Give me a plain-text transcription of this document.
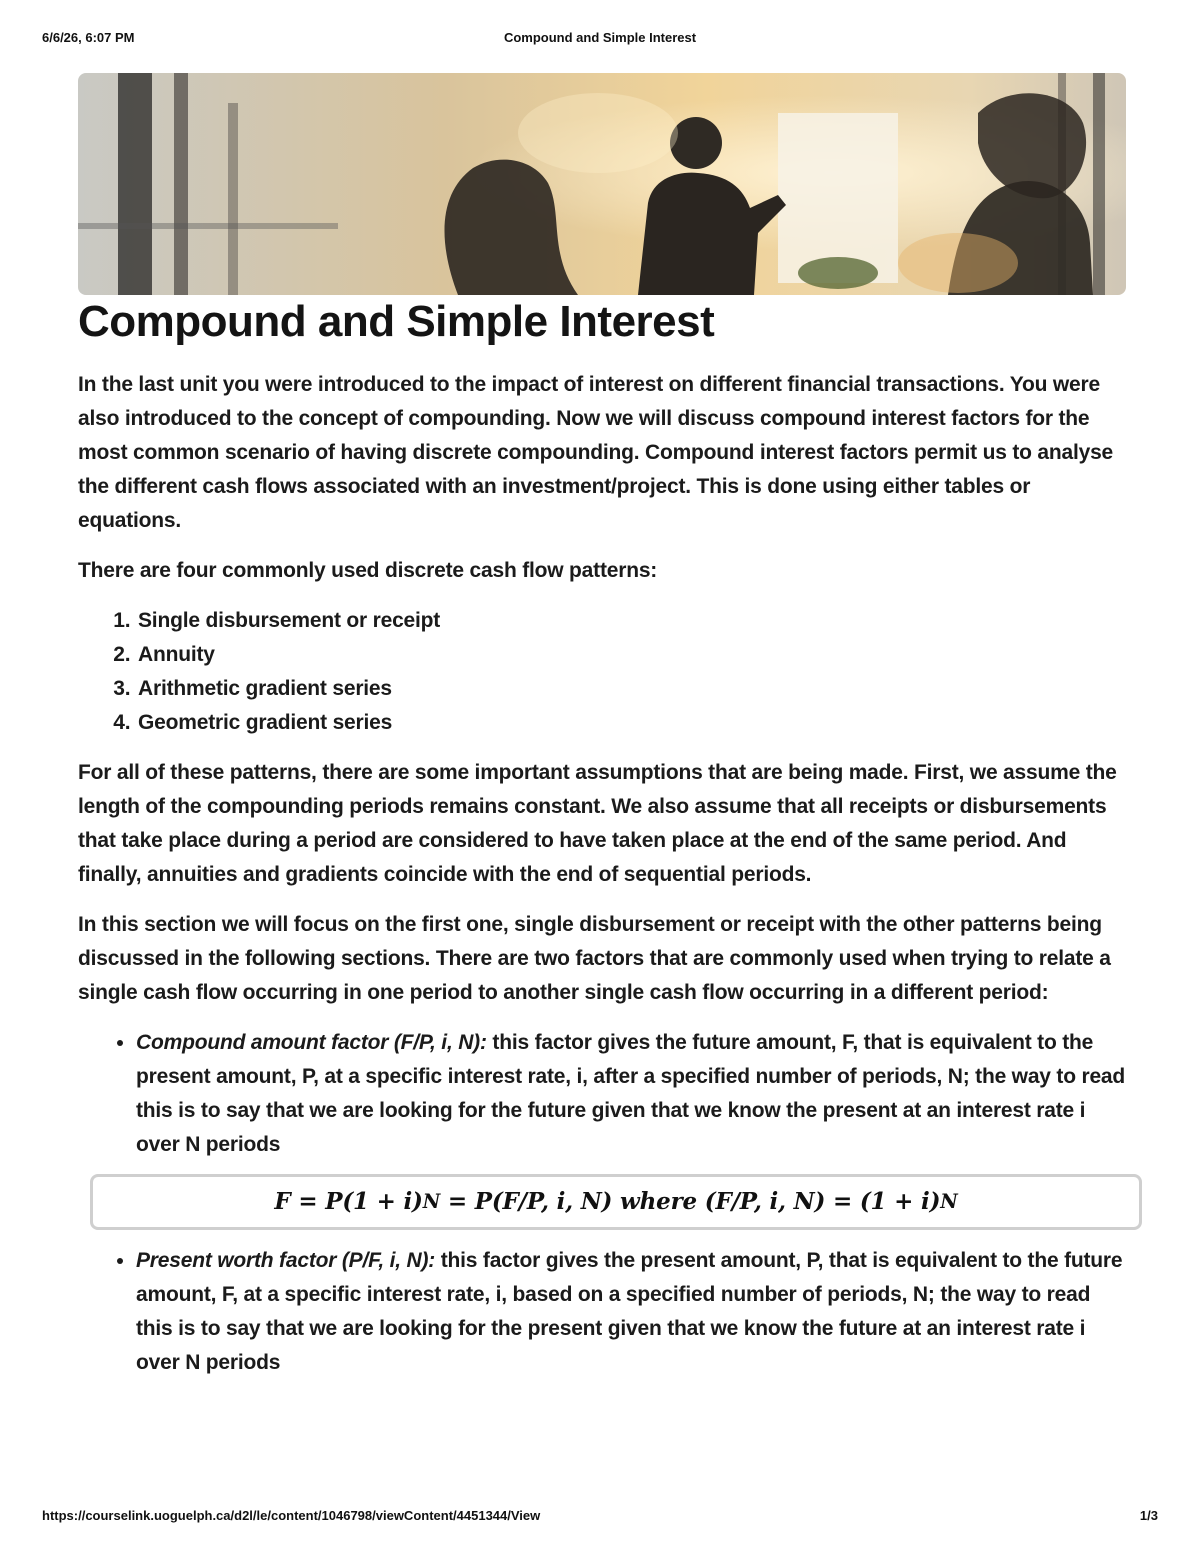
6/6/26, 6:07 PM	Compound and Simple Interest
Compound and Simple Interest

In the last unit you were introduced to the impact of interest on different financial transactions. You were also introduced to the concept of compounding. Now we will discuss compound interest factors for the most common scenario of having discrete compounding. Compound interest factors permit us to analyse the different cash flows associated with an investment/project. This is done using either tables or equations.

There are four commonly used discrete cash flow patterns:

1. Single disbursement or receipt
2. Annuity
3. Arithmetic gradient series
4. Geometric gradient series

For all of these patterns, there are some important assumptions that are being made. First, we assume the length of the compounding periods remains constant. We also assume that all receipts or disbursements that take place during a period are considered to have taken place at the end of the same period. And finally, annuities and gradients coincide with the end of sequential periods.

In this section we will focus on the first one, single disbursement or receipt with the other patterns being discussed in the following sections. There are two factors that are commonly used when trying to relate a single cash flow occurring in one period to another single cash flow occurring in a different period:

• Compound amount factor (F/P, i, N): this factor gives the future amount, F, that is equivalent to the present amount, P, at a specific interest rate, i, after a specified number of periods, N; the way to read this is to say that we are looking for the future given that we know the present at an interest rate i over N periods
F = P(1 + i) N = P(F/P, i, N) where (F/P, i, N) = (1 + i) N
• Present worth factor (P/F, i, N): this factor gives the present amount, P, that is equivalent to the future amount, F, at a specific interest rate, i, based on a specified number of periods, N; the way to read this is to say that we are looking for the present given that we know the future at an interest rate i over N periods
https://courselink.uoguelph.ca/d2l/le/content/1046798/viewContent/4451344/View	1/3
